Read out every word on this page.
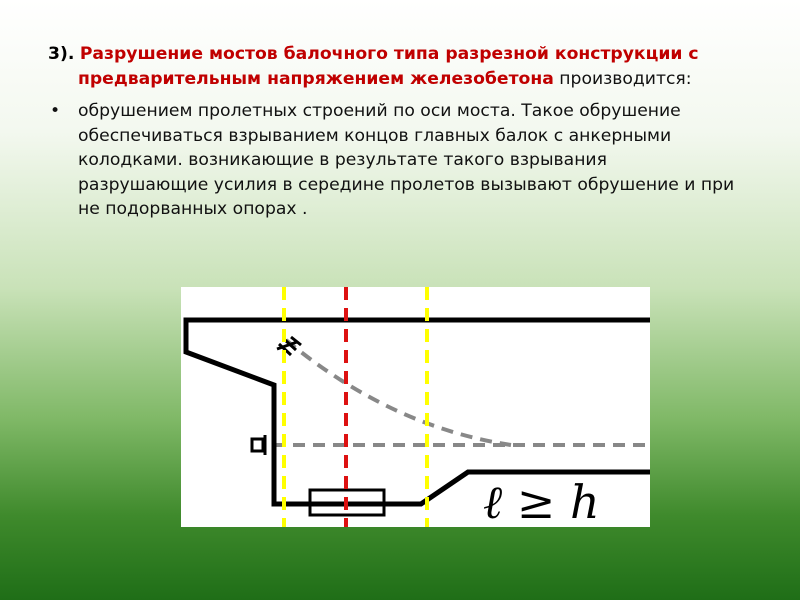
3). Разрушение мостов балочного типа разрезной конструкции с предварительным напряжением железобетона производится:

• обрушением пролетных строений по оси моста. Такое обрушение обеспечиваться взрыванием концов главных балок с анкерными колодками. возникающие в результате такого взрывания разрушающие усилия в середине пролетов вызывают обрушение и при не подорванных опорах .

ℓ ≥ h
